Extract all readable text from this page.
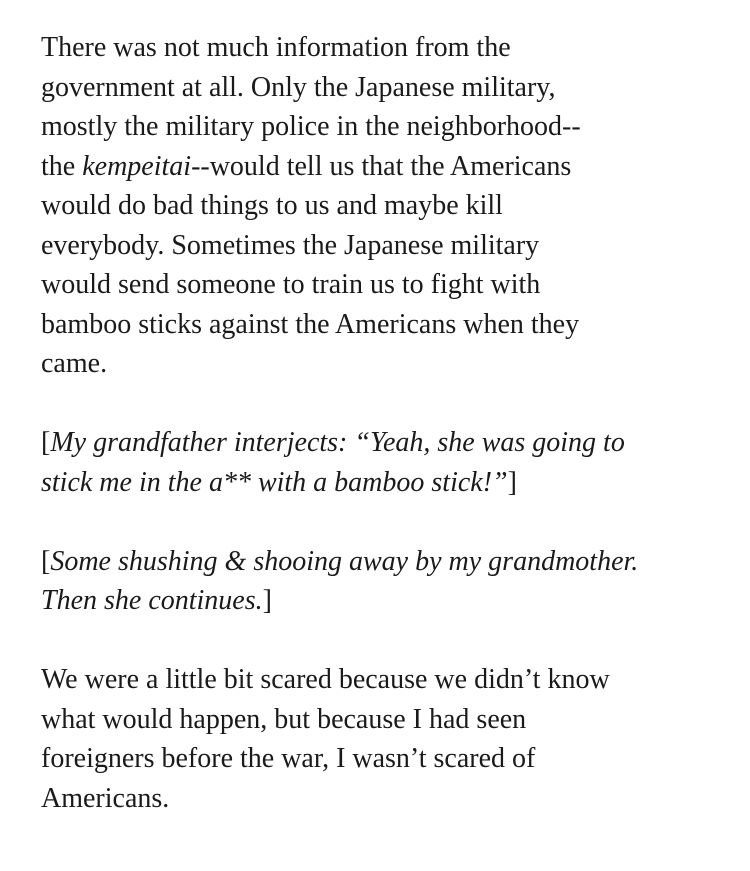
There was not much information from the
government at all. Only the Japanese military,
mostly the military police in the neighborhood--
the kempeitai--would tell us that the Americans
would do bad things to us and maybe kill
everybody. Sometimes the Japanese military
would send someone to train us to fight with
bamboo sticks against the Americans when they
came.
[My grandfather interjects: “Yeah, she was going to
stick me in the a** with a bamboo stick!”]
[Some shushing & shooing away by my grandmother.
Then she continues.]
We were a little bit scared because we didn’t know
what would happen, but because I had seen
foreigners before the war, I wasn’t scared of
Americans.
